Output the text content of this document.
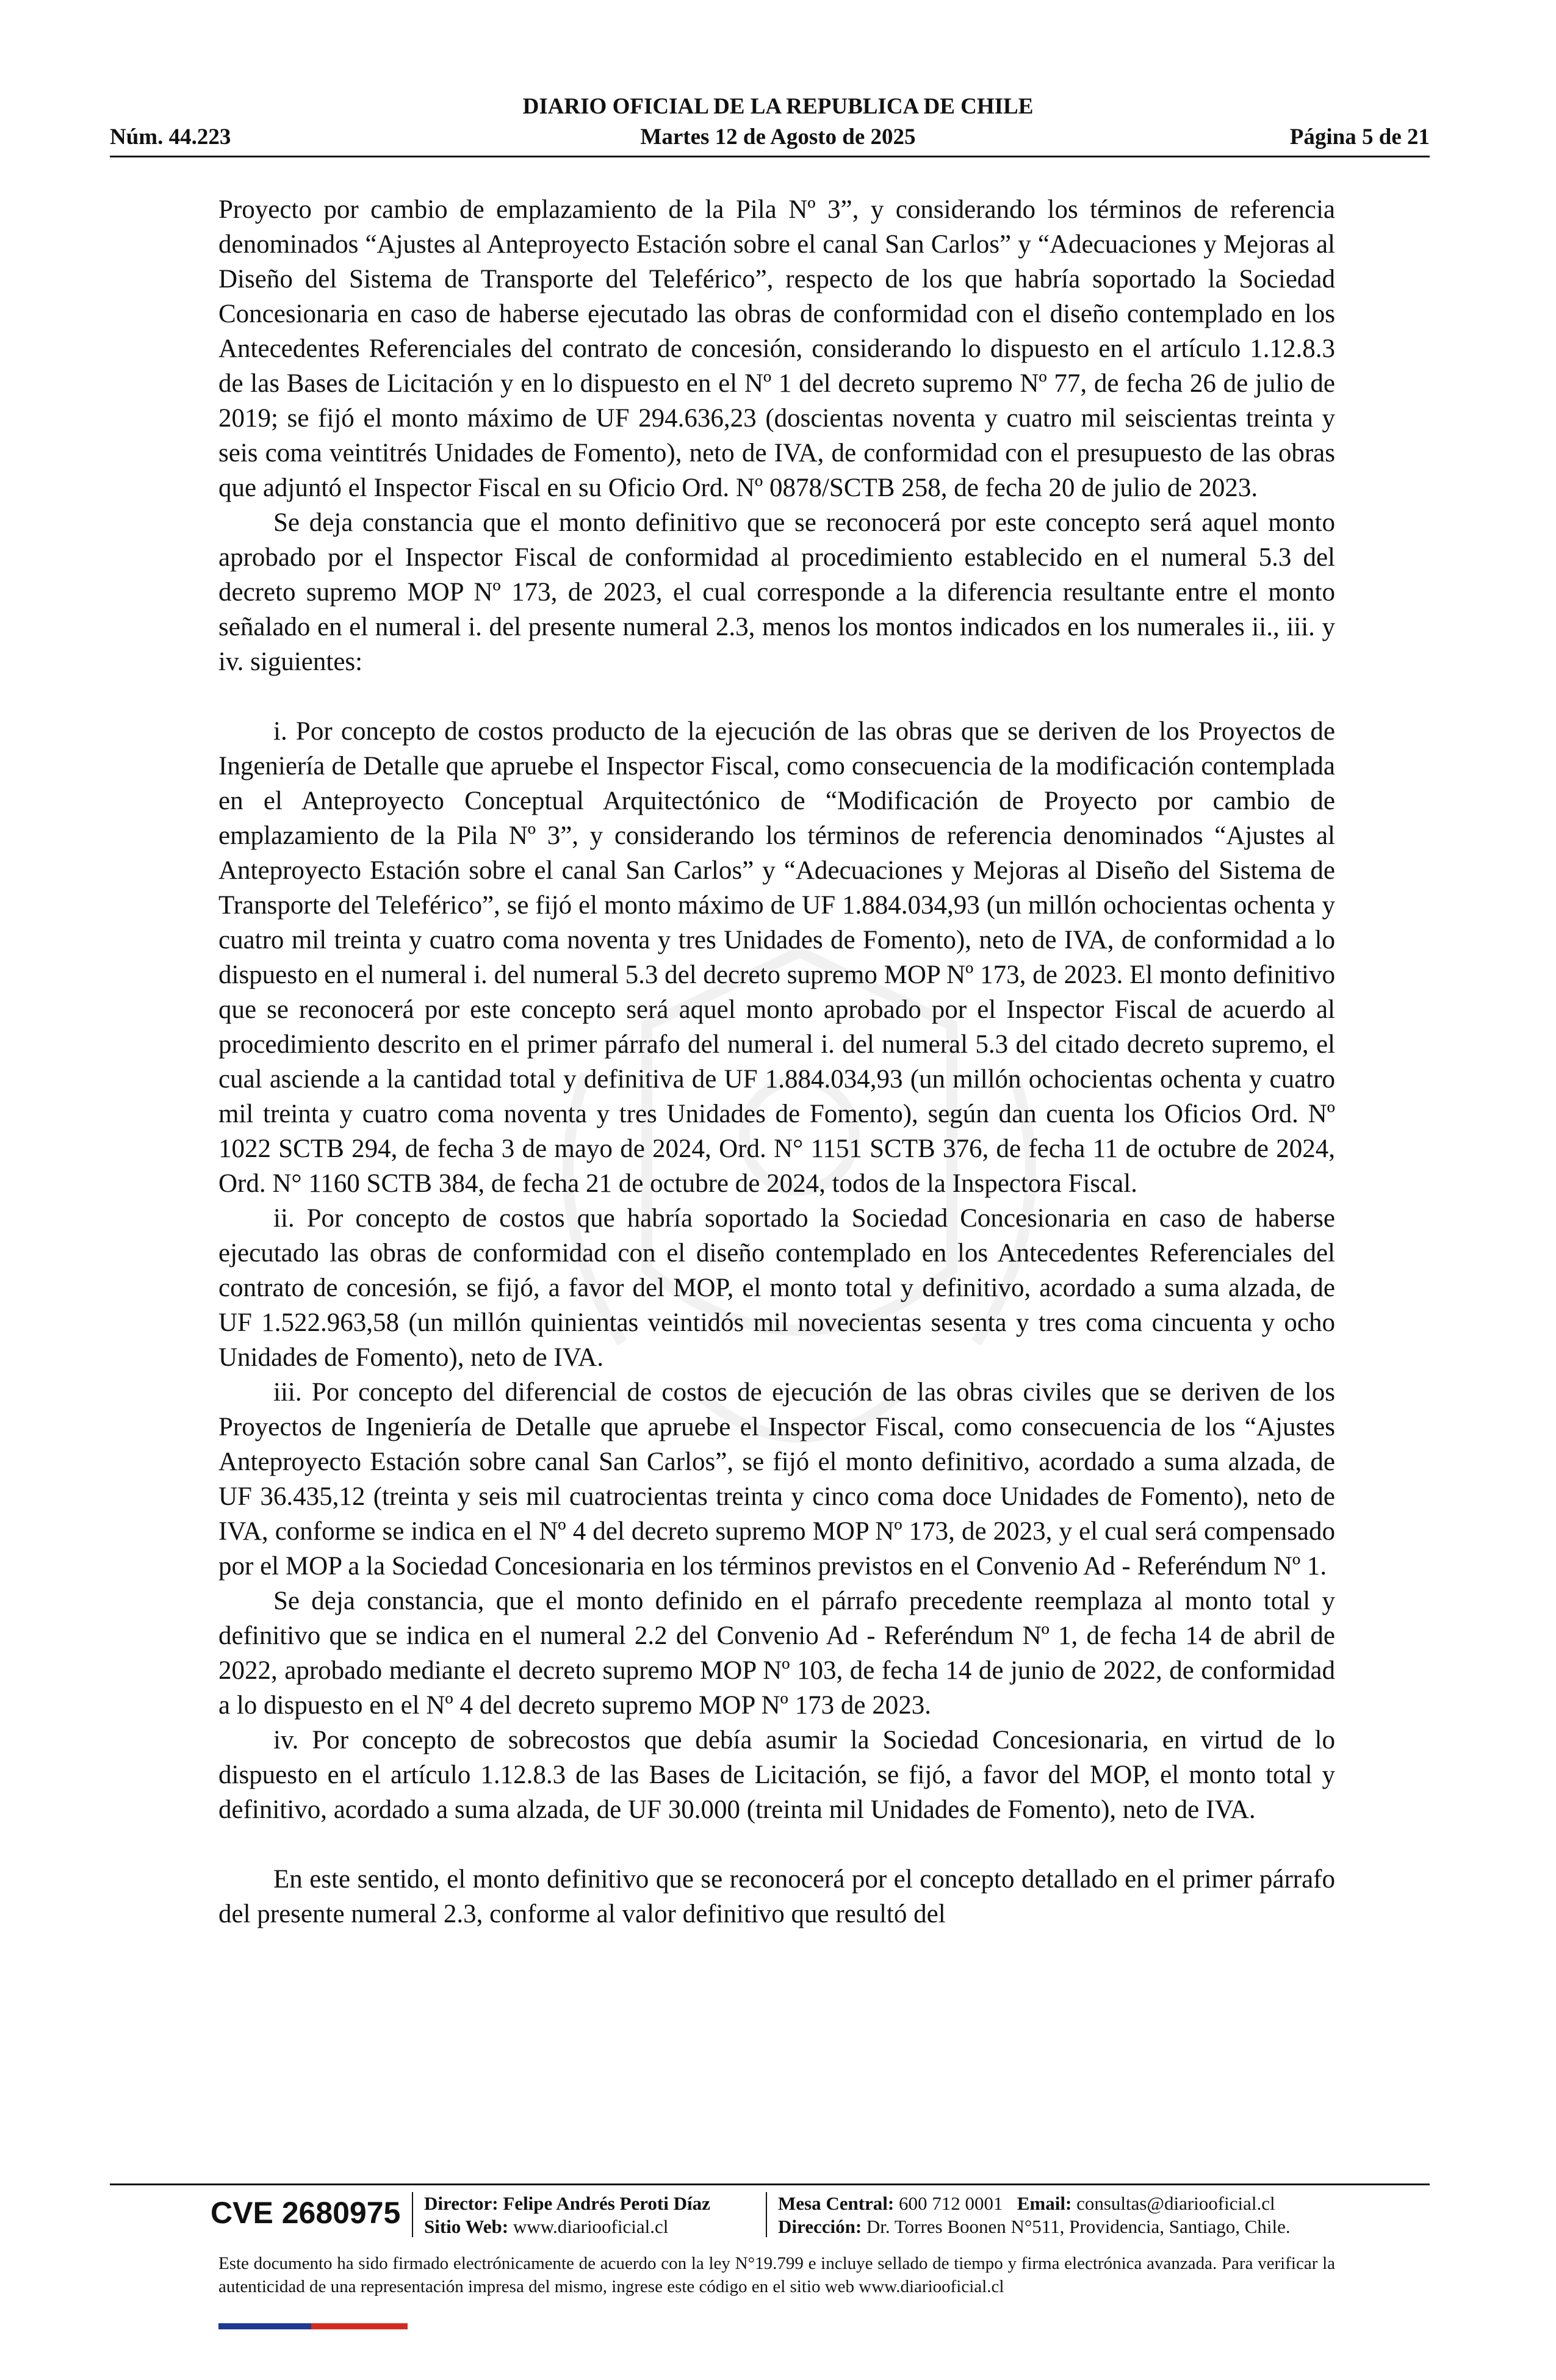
DIARIO OFICIAL DE LA REPUBLICA DE CHILE
Núm. 44.223	Martes 12 de Agosto de 2025	Página 5 de 21

Proyecto por cambio de emplazamiento de la Pila Nº 3”, y considerando los términos de referencia denominados “Ajustes al Anteproyecto Estación sobre el canal San Carlos” y “Adecuaciones y Mejoras al Diseño del Sistema de Transporte del Teleférico”, respecto de los que habría soportado la Sociedad Concesionaria en caso de haberse ejecutado las obras de conformidad con el diseño contemplado en los Antecedentes Referenciales del contrato de concesión, considerando lo dispuesto en el artículo 1.12.8.3 de las Bases de Licitación y en lo dispuesto en el Nº 1 del decreto supremo Nº 77, de fecha 26 de julio de 2019; se fijó el monto máximo de UF 294.636,23 (doscientas noventa y cuatro mil seiscientas treinta y seis coma veintitrés Unidades de Fomento), neto de IVA, de conformidad con el presupuesto de las obras que adjuntó el Inspector Fiscal en su Oficio Ord. Nº 0878/SCTB 258, de fecha 20 de julio de 2023.

Se deja constancia que el monto definitivo que se reconocerá por este concepto será aquel monto aprobado por el Inspector Fiscal de conformidad al procedimiento establecido en el numeral 5.3 del decreto supremo MOP Nº 173, de 2023, el cual corresponde a la diferencia resultante entre el monto señalado en el numeral i. del presente numeral 2.3, menos los montos indicados en los numerales ii., iii. y iv. siguientes:

i. Por concepto de costos producto de la ejecución de las obras que se deriven de los Proyectos de Ingeniería de Detalle que apruebe el Inspector Fiscal, como consecuencia de la modificación contemplada en el Anteproyecto Conceptual Arquitectónico de “Modificación de Proyecto por cambio de emplazamiento de la Pila Nº 3”, y considerando los términos de referencia denominados “Ajustes al Anteproyecto Estación sobre el canal San Carlos” y “Adecuaciones y Mejoras al Diseño del Sistema de Transporte del Teleférico”, se fijó el monto máximo de UF 1.884.034,93 (un millón ochocientas ochenta y cuatro mil treinta y cuatro coma noventa y tres Unidades de Fomento), neto de IVA, de conformidad a lo dispuesto en el numeral i. del numeral 5.3 del decreto supremo MOP Nº 173, de 2023. El monto definitivo que se reconocerá por este concepto será aquel monto aprobado por el Inspector Fiscal de acuerdo al procedimiento descrito en el primer párrafo del numeral i. del numeral 5.3 del citado decreto supremo, el cual asciende a la cantidad total y definitiva de UF 1.884.034,93 (un millón ochocientas ochenta y cuatro mil treinta y cuatro coma noventa y tres Unidades de Fomento), según dan cuenta los Oficios Ord. Nº 1022 SCTB 294, de fecha 3 de mayo de 2024, Ord. N° 1151 SCTB 376, de fecha 11 de octubre de 2024, Ord. N° 1160 SCTB 384, de fecha 21 de octubre de 2024, todos de la Inspectora Fiscal.

ii. Por concepto de costos que habría soportado la Sociedad Concesionaria en caso de haberse ejecutado las obras de conformidad con el diseño contemplado en los Antecedentes Referenciales del contrato de concesión, se fijó, a favor del MOP, el monto total y definitivo, acordado a suma alzada, de UF 1.522.963,58 (un millón quinientas veintidós mil novecientas sesenta y tres coma cincuenta y ocho Unidades de Fomento), neto de IVA.

iii. Por concepto del diferencial de costos de ejecución de las obras civiles que se deriven de los Proyectos de Ingeniería de Detalle que apruebe el Inspector Fiscal, como consecuencia de los “Ajustes Anteproyecto Estación sobre canal San Carlos”, se fijó el monto definitivo, acordado a suma alzada, de UF 36.435,12 (treinta y seis mil cuatrocientas treinta y cinco coma doce Unidades de Fomento), neto de IVA, conforme se indica en el Nº 4 del decreto supremo MOP Nº 173, de 2023, y el cual será compensado por el MOP a la Sociedad Concesionaria en los términos previstos en el Convenio Ad - Referéndum Nº 1.

Se deja constancia, que el monto definido en el párrafo precedente reemplaza al monto total y definitivo que se indica en el numeral 2.2 del Convenio Ad - Referéndum Nº 1, de fecha 14 de abril de 2022, aprobado mediante el decreto supremo MOP Nº 103, de fecha 14 de junio de 2022, de conformidad a lo dispuesto en el Nº 4 del decreto supremo MOP Nº 173 de 2023.

iv. Por concepto de sobrecostos que debía asumir la Sociedad Concesionaria, en virtud de lo dispuesto en el artículo 1.12.8.3 de las Bases de Licitación, se fijó, a favor del MOP, el monto total y definitivo, acordado a suma alzada, de UF 30.000 (treinta mil Unidades de Fomento), neto de IVA.

En este sentido, el monto definitivo que se reconocerá por el concepto detallado en el primer párrafo del presente numeral 2.3, conforme al valor definitivo que resultó del

CVE 2680975 Director: Felipe Andrés Peroti Díaz
Sitio Web: www.diariooficial.cl
Mesa Central: 600 712 0001 Email: consultas@diariooficial.cl
Dirección: Dr. Torres Boonen N°511, Providencia, Santiago, Chile.
Este documento ha sido firmado electrónicamente de acuerdo con la ley N°19.799 e incluye sellado de tiempo y firma electrónica avanzada. Para verificar la autenticidad de una representación impresa del mismo, ingrese este código en el sitio web www.diariooficial.cl
